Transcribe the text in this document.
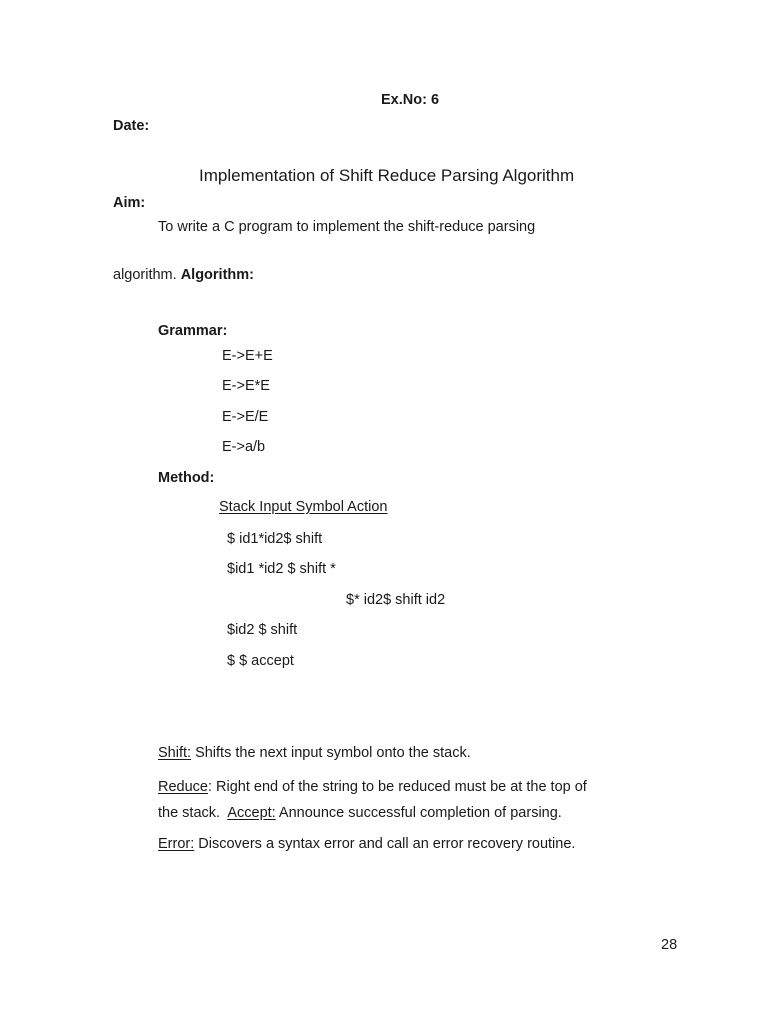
Ex.No: 6
Date:
Implementation of Shift Reduce Parsing Algorithm
Aim:
To write a C program to implement the shift-reduce parsing
algorithm. Algorithm:
Grammar:
E->E+E
E->E*E
E->E/E
E->a/b
Method:
Stack Input Symbol Action
$ id1*id2$ shift
$id1 *id2 $ shift *
$* id2$ shift id2
$id2 $ shift
$ $ accept
Shift: Shifts the next input symbol onto the stack.
Reduce: Right end of the string to be reduced must be at the top of
the stack.  Accept: Announce successful completion of parsing.
Error: Discovers a syntax error and call an error recovery routine.
28
